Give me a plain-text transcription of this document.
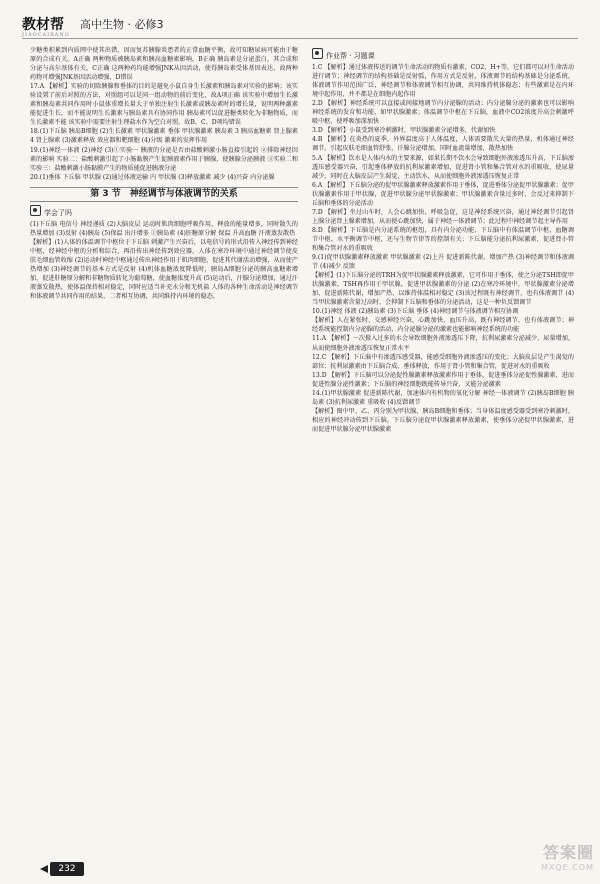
教材帮
JIAOCAIBANG
高中生物 · 必修3

少糖类积累到内质网中使其出错，因而复苏胰腺炎患者的正常血糖平衡，故可知糖尿病可能由于糖原的合成有关。A正确 两种物质被胰岛素和胰高血糖素影响，B正确 胰岛素是分泌蛋白，其合成和分泌与高尔基体有关，C正确 这两种药均能增强JNK从因活动，使得胰岛素受体基因表达，故两种药物可增强JNK基因活动增强，D错误

17.A 【解析】实验的切除胰腺和垂体的目的是避免小鼠自身生长激素和胰岛素对实验的影响；该实验设置了前后对照的方法，对照组可以是同一组动物的前后变化，故A项正确 该实验中增加生长激素和胰岛素共同作用时小鼠体重增长量大于单独注射生长激素或胰岛素时的增长量，说明两种激素能促进生长，而不能说明生长激素与胰岛素具有协同作用 胰岛素可以促进糖类转化为非糖物质，而生长激素不能 该实验中需要注射生理盐水作为空白对照，故B、C、D项均错误

18.(1)下丘脑 胰岛B细胞 (2)生长激素 甲状腺激素 垂体 甲状腺激素 胰岛素 3 胰高血糖素 肾上腺素 4 肾上腺素 (3)激素释放 效应器和靶细胞 (4)分级 激素的发挥作用

19.(1)神经一体液 (2)神经 (3)①实验一 胰液的分泌是否由盐酸刺激小肠直接引起的 ②排除神经因素的影响 实验二：盐酸刺激引起了小肠黏膜产生促胰液素作用于胰腺，使胰腺分泌胰液 ③实验二和实验三：盐酸刺激小肠黏膜产生的物质能促进胰液分泌

20.(1)垂体 下丘脑 甲状腺 (2)通过体液运输 内 甲状腺 (3)释放激素 减少 (4)兴奋 内分泌腺

第 3 节　神经调节与体液调节的关系
学会了吗

(1)下丘脑 电信号 神经递质 (2)大脑皮层 运动时肌肉细胞呼吸作用，释放的能量增多，同时散失的热量增加 (3)反射 (4)胰岛 (5)保温 出汗增多 ①胰岛素 (4)肝糖原分解 保温 升高血糖 汗液蒸发散热

【解析】(1)人体的体温调节中枢位于下丘脑 刺激产生兴奋后，以电信号的形式沿传入神经传到神经中枢，经神经中枢的分析和综合，再沿传出神经传到效应器，人体在寒冷环境中通过神经调节使皮肤毛细血管收缩 (2)运动时神经中枢通过传出神经作用于肌肉细胞，促进其代谢活动增强，从而使产热增加 (3)神经调节的基本方式是反射 (4)机体血糖浓度降低时，胰岛A细胞分泌的胰高血糖素增加，促进肝糖原分解和非糖物质转化为葡萄糖，使血糖浓度升高 (5)运动后，汗腺分泌增加，通过汗液蒸发散热，使体温保持相对稳定，同时应适当补充水分和无机盐 人体的各种生命活动是神经调节和体液调节共同作用的结果，二者相互协调，共同维持内环境的稳态。

作业帮 · 习题课

1.C 【解析】通过体液传送的调节生命活动的物质有激素、CO2、H+等，它们都可以对生命活动进行调节；神经调节的结构基础是反射弧，作用方式是反射，体液调节的结构基础是分泌系统，体液调节作用范围广泛，神经调节和体液调节相互协调，共同维持机体稳态；有些激素是在内环境中起作用，并不都是在细胞内起作用

2.D 【解析】神经系统可以直接或间接地调节内分泌腺的活动；内分泌腺分泌的激素也可以影响神经系统的发育和功能，如甲状腺激素；体温调节中枢在下丘脑，血液中CO2浓度升高会刺激呼吸中枢，使呼吸加深加快

3.D 【解析】小鼠受到寒冷刺激时，甲状腺激素分泌增多，代谢加快

4.B 【解析】在炎热的夏季，外界温度高于人体温度，人体需要散失大量的热量，机体通过神经调节，引起皮肤毛细血管舒张，汗腺分泌增加，同时血流量增加，散热加快

5.A 【解析】饮水是人体内水的主要来源，如果长期不饮水会导致细胞外液渗透压升高，下丘脑渗透压感受器兴奋，引起垂体释放的抗利尿激素增加，促进肾小管和集合管对水的重吸收，使尿量减少，同时在大脑皮层产生渴觉，主动饮水，从而使细胞外液渗透压恢复正常

6.A 【解析】下丘脑分泌的促甲状腺激素释放激素作用于垂体，促进垂体分泌促甲状腺激素；促甲状腺激素作用于甲状腺，促进甲状腺分泌甲状腺激素；甲状腺激素含量过多时，会反过来抑制下丘脑和垂体的分泌活动

7.D 【解析】坐过山车时，人会心跳加快、呼吸急促，这是神经系统兴奋，通过神经调节引起肾上腺分泌肾上腺素增加，从而使心跳加快，属于神经一体液调节；此过程中神经调节起主导作用

8.D 【解析】下丘脑是内分泌系统的枢纽，具有内分泌功能，下丘脑中有体温调节中枢、血糖调节中枢、水平衡调节中枢，还与生物节律等的控制有关；下丘脑能分泌抗利尿激素，促进肾小管和集合管对水的重吸收

9.(1)促甲状腺激素释放激素 甲状腺激素 (2)上升 促进新陈代谢，增加产热 (3)神经调节和体液调节 (4)减少 反馈

【解析】(1)下丘脑分泌的TRH为促甲状腺激素释放激素，它可作用于垂体，使之分泌TSH即促甲状腺激素，TSH再作用于甲状腺，促进甲状腺激素的分泌 (2)在寒冷环境中，甲状腺激素分泌增加，促进新陈代谢，增加产热，以维持体温相对稳定 (3)该过程既有神经调节，也有体液调节 (4)当甲状腺激素含量过高时，会抑制下丘脑和垂体的分泌活动，这是一种负反馈调节

10.(1)神经 体液 (2)胰岛素 (3)下丘脑 垂体 (4)神经调节与体液调节相互协调

【解析】人在紧张时，交感神经兴奋，心跳加快，血压升高，既有神经调节，也有体液调节；神经系统能控制内分泌腺的活动，内分泌腺分泌的激素也能影响神经系统的功能

11.A 【解析】一次摄入过多的水会导致细胞外液渗透压下降，抗利尿激素分泌减少，尿量增加，从而使细胞外液渗透压恢复正常水平

12.C 【解析】下丘脑中有渗透压感受器，能感受细胞外液渗透压的变化；大脑皮层是产生渴觉的部位；抗利尿激素由下丘脑合成、垂体释放，作用于肾小管和集合管，促进对水的重吸收

13.D 【解析】下丘脑可以分泌促性腺激素释放激素作用于垂体，促进垂体分泌促性腺激素，进而促进性腺分泌性激素；下丘脑的神经细胞既能传导兴奋，又能分泌激素

14.(1)甲状腺激素 促进新陈代谢，加速体内有机物的氧化分解 神经一体液调节 (2)胰岛B细胞 胰岛素 (3)抗利尿激素 重吸收 (4)反馈调节

【解析】图中甲、乙、丙分别为甲状腺、胰岛B细胞和垂体；当身体温度感受器受到寒冷刺激时，相应的神经冲动传到下丘脑，下丘脑分泌促甲状腺激素释放激素，使垂体分泌促甲状腺激素，进而促进甲状腺分泌甲状腺激素

232
答案圈
MXQE.COM
